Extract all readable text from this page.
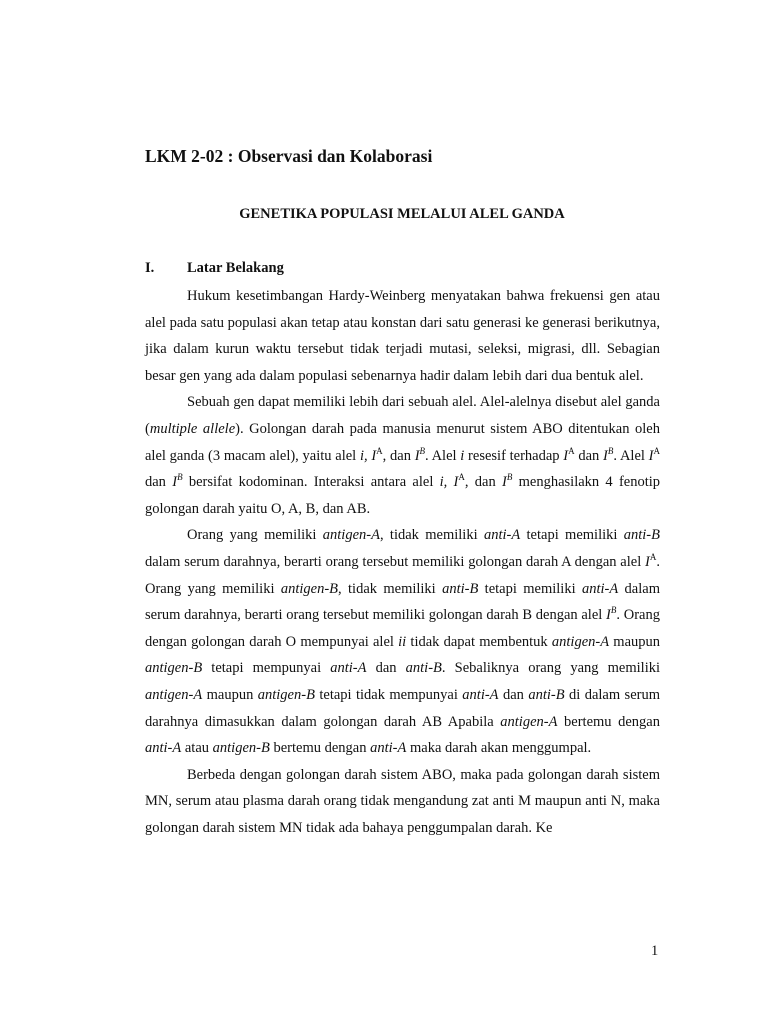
LKM 2-02 : Observasi dan Kolaborasi
GENETIKA POPULASI MELALUI ALEL GANDA
I. Latar Belakang

Hukum kesetimbangan Hardy-Weinberg menyatakan bahwa frekuensi gen atau alel pada satu populasi akan tetap atau konstan dari satu generasi ke generasi berikutnya, jika dalam kurun waktu tersebut tidak terjadi mutasi, seleksi, migrasi, dll. Sebagian besar gen yang ada dalam populasi sebenarnya hadir dalam lebih dari dua bentuk alel.

Sebuah gen dapat memiliki lebih dari sebuah alel. Alel-alelnya disebut alel ganda (multiple allele). Golongan darah pada manusia menurut sistem ABO ditentukan oleh alel ganda (3 macam alel), yaitu alel i, $I^A$, dan $I^B$. Alel i resesif terhadap $I^A$ dan $I^B$. Alel $I^A$ dan $I^B$ bersifat kodominan. Interaksi antara alel i, $I^A$, dan $I^B$ menghasilakn 4 fenotip golongan darah yaitu O, A, B, dan AB.

Orang yang memiliki antigen-A, tidak memiliki anti-A tetapi memiliki anti-B dalam serum darahnya, berarti orang tersebut memiliki golongan darah A dengan alel $I^A$. Orang yang memiliki antigen-B, tidak memiliki anti-B tetapi memiliki anti-A dalam serum darahnya, berarti orang tersebut memiliki golongan darah B dengan alel $I^B$. Orang dengan golongan darah O mempunyai alel ii tidak dapat membentuk antigen-A maupun antigen-B tetapi mempunyai anti-A dan anti-B. Sebaliknya orang yang memiliki antigen-A maupun antigen-B tetapi tidak mempunyai anti-A dan anti-B di dalam serum darahnya dimasukkan dalam golongan darah AB Apabila antigen-A bertemu dengan anti-A atau antigen-B bertemu dengan anti-A maka darah akan menggumpal.

Berbeda dengan golongan darah sistem ABO, maka pada golongan darah sistem MN, serum atau plasma darah orang tidak mengandung zat anti M maupun anti N, maka golongan darah sistem MN tidak ada bahaya penggumpalan darah. Ke

1
